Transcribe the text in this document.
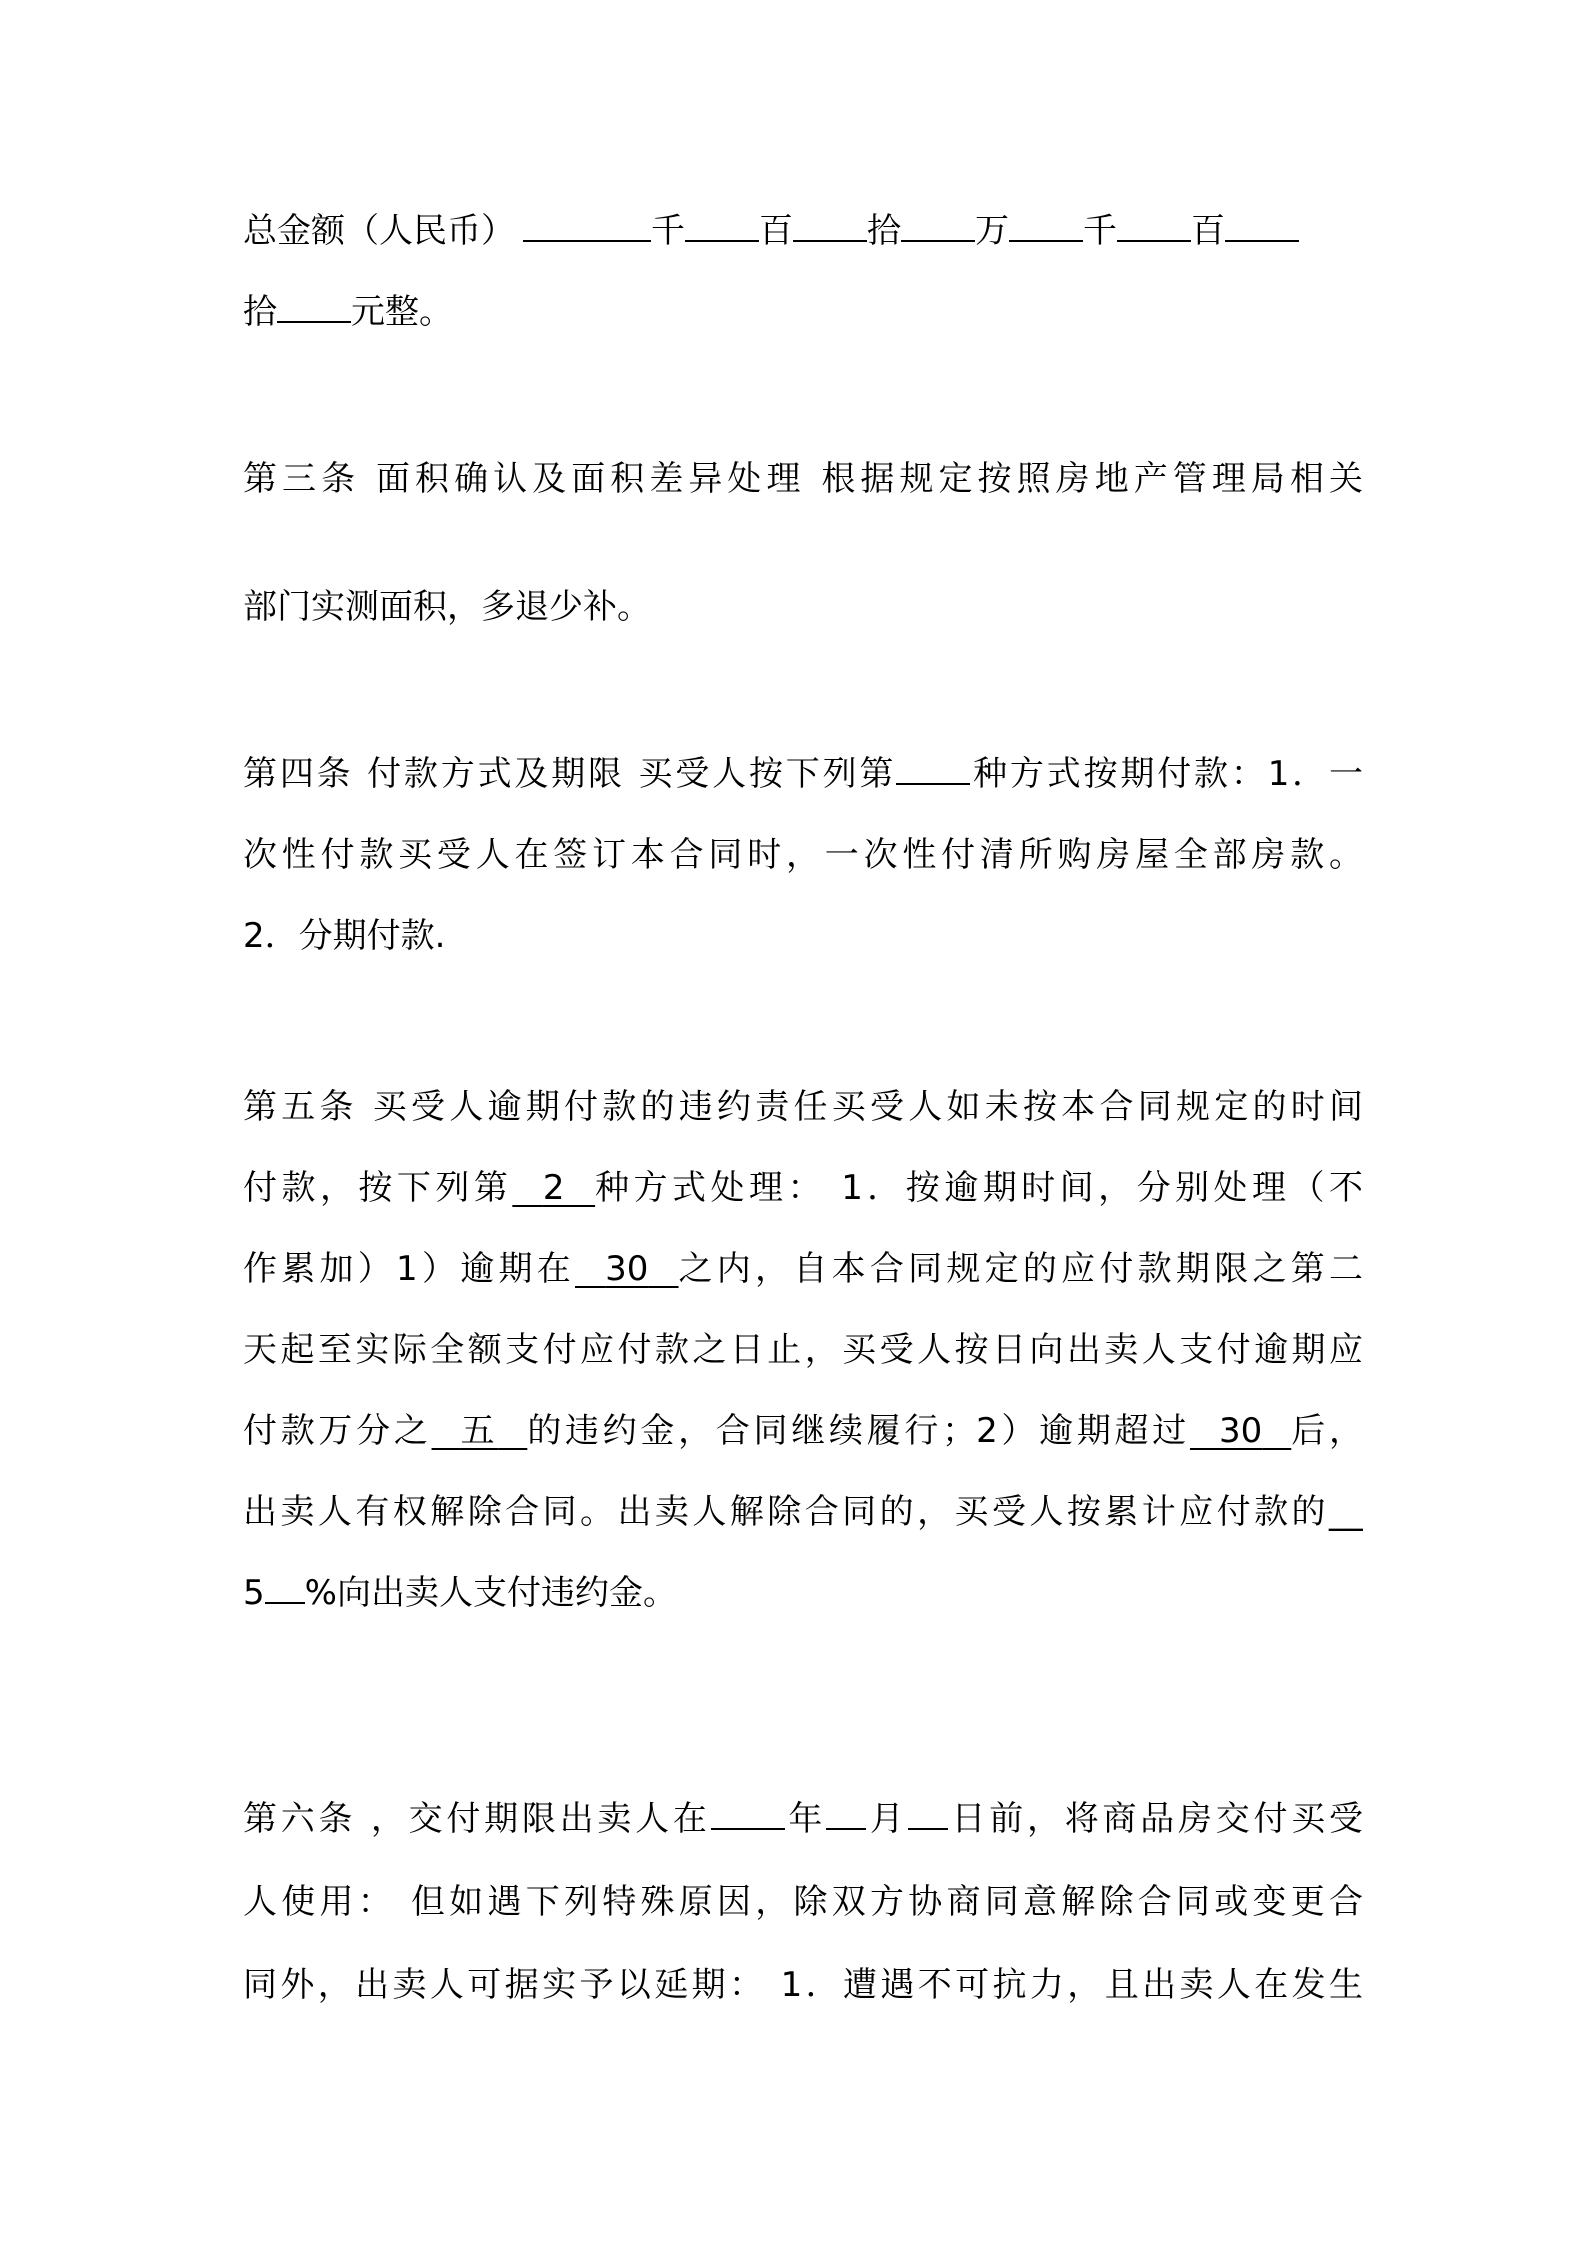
总金额（人民币）	千 百 拾 万 千 百
拾 元整。
第三条 面积确认及面积差异处理 根据规定按照房地产管理局相关
部门实测面积，多退少补。
第四条 付款方式及期限 买受人按下列第 种方式按期付款：1．一
次性付款买受人在签订本合同时，一次性付清所购房屋全部房款。
2．分期付款.
第五条 买受人逾期付款的违约责任买受人如未按本合同规定的时间
付款，按下列第 2 种方式处理： 1．按逾期时间，分别处理（不
作累加）1）逾期在 30 之内，自本合同规定的应付款期限之第二
天起至实际全额支付应付款之日止，买受人按日向出卖人支付逾期应
付款万分之 五 的违约金，合同继续履行；2）逾期超过 30 后，
出卖人有权解除合同。出卖人解除合同的，买受人按累计应付款的__
5 %向出卖人支付违约金。
第六条 ，交付期限出卖人在 年 月 日前，将商品房交付买受
人使用： 但如遇下列特殊原因，除双方协商同意解除合同或变更合
同外，出卖人可据实予以延期： 1．遭遇不可抗力，且出卖人在发生
